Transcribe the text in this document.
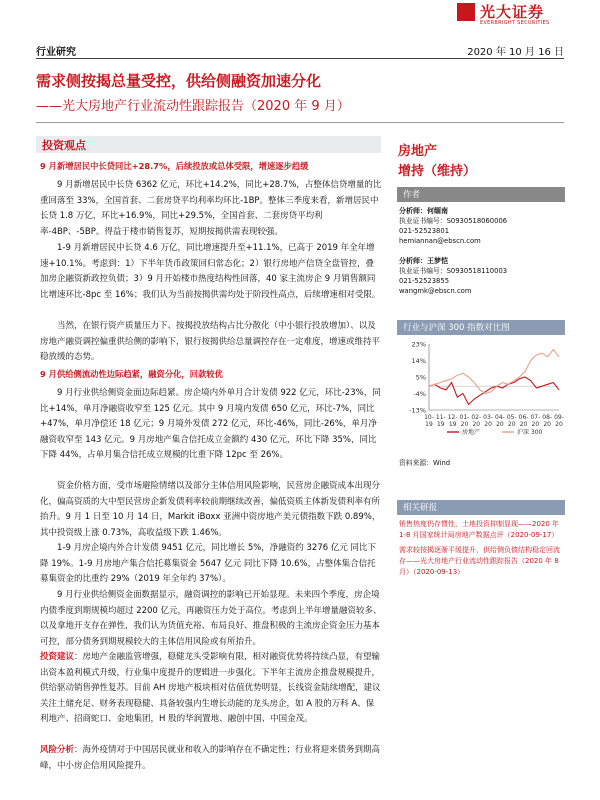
光大证券
EVERBRIGHT SECURITIES
行业研究	2020 年 10 月 16 日
需求侧按揭总量受控，供给侧融资加速分化
——光大房地产行业流动性跟踪报告（2020 年 9 月）
投资观点
9 月新增居民中长贷同比+28.7%，后续投放或总体受限，增速逐步趋缓

9 月新增居民中长贷 6362 亿元，环比+14.2%，同比+28.7%，占整体信贷增量的比重回落至 33%，全国首套、二套房贷平均利率均环比-1BP。整体三季度来看，新增居民中长贷 1.8 万亿，环比+16.9%，同比+29.5%，全国首套、二套房贷平均利率-4BP、-5BP。得益于楼市销售复苏，短期按揭供需表现较强。

1-9 月新增居民中长贷 4.6 万亿，同比增速提升至+11.1%，已高于 2019 年全年增速+10.1%。考虑到：1）下半年货币政策回归常态化；2）银行房地产信贷全盘管控，叠加房企融资新政控负债；3）9 月开始楼市热度结构性回落，40 家主流房企 9 月销售额同比增速环比-8pc 至 16%；我们认为当前按揭供需均处于阶段性高点，后续增速相对受限。

当然，在银行资产质量压力下、按揭投放结构占比分散化（中小银行投放增加）、以及房地产融资调控偏重供给侧的影响下，银行按揭供给总量调控存在一定难度，增速或维持平稳放缓的态势。

9 月供给侧流动性边际趋紧，融资分化，回款较优

9 月行业供给侧资金面边际趋紧。房企境内外单月合计发债 922 亿元，环比-23%，同比+14%，单月净融资收窄至 125 亿元。其中 9 月境内发债 650 亿元，环比-7%，同比+47%，单月净偿还 18 亿元；9 月境外发债 272 亿元，环比-46%，同比-26%，单月净融资收窄至 143 亿元。9 月房地产集合信托成立金额约 430 亿元，环比下降 35%，同比下降 44%，占单月集合信托成立规模的比重下降 12pc 至 26%。

资金价格方面，受市场避险情绪以及部分主体信用风险影响，民营房企融资成本出现分化，偏高资质的大中型民营房企新发债利率较前期继续改善，偏低资质主体新发债利率有所抬升。9 月 1 日至 10 月 14 日，Markit iBoxx 亚洲中资房地产美元债指数下跌 0.89%，其中投资级上涨 0.73%，高收益级下跌 1.46%。

1-9 月房企境内外合计发债 9451 亿元，同比增长 5%，净融资约 3276 亿元 同比下降 19%。1-9 月房地产集合信托募集资金 5647 亿元 同比下降 10.6%，占整体集合信托募集资金的比重约 29%（2019 年全年约 37%）。

9 月行业供给侧资金面数据显示，融资调控的影响已开始显现。未来四个季度，房企境内债季度到期规模均超过 2200 亿元，再融资压力处于高位。考虑到上半年增量融资较多、以及拿地开支存在弹性，我们认为货值充裕、布局良好、推盘积极的主流房企资金压力基本可控，部分债务到期规模较大的主体信用风险或有所抬升。

投资建议：房地产金融监管增强，稳健龙头受影响有限，相对融资优势将持续凸显，有望输出资本盈利模式升级，行业集中度提升的逻辑进一步强化。下半年主流房企推盘规模提升，供给驱动销售弹性复苏。目前 AH 房地产板块相对估值优势明显，长线资金陆续增配，建议关注土储充足、财务表现稳健、具备较强内生增长动能的龙头房企，如 A 股的万科 A、保利地产、招商蛇口、金地集团，H 股的华润置地、融创中国、中国金茂。

风险分析：海外疫情对于中国居民就业和收入的影响存在不确定性；行业将迎来债务到期高峰，中小房企信用风险提升。

房地产
增持（维持）
作者
分析师：何缅南
执业证书编号：S0930518060006
021-52523801
hemiannan@ebscn.com
分析师：王梦恺
执业证书编号：S0930518110003
021-52523855
wangmk@ebscn.com
行业与沪深 300 指数对比图
-13%
-4%
5%
14%
23%
10-
19
11-
19
12-
19
01-
20
02-
20
03-
20
04-
20
05-
20
06-
20
07-
20
08-
20
09-
20
房地产	沪深 300
资料来源：Wind
相关研报
销售热度仍存惯性，土地投资抑制显现——2020 年 1-8 月国家统计局房地产数据点评（2020-09-17）
需求较按揭逐渐平缓提升，供给侧负债结构稳定回流存——光大房地产行业流动性跟踪报告（2020 年 8 月）（2020-09-13）
